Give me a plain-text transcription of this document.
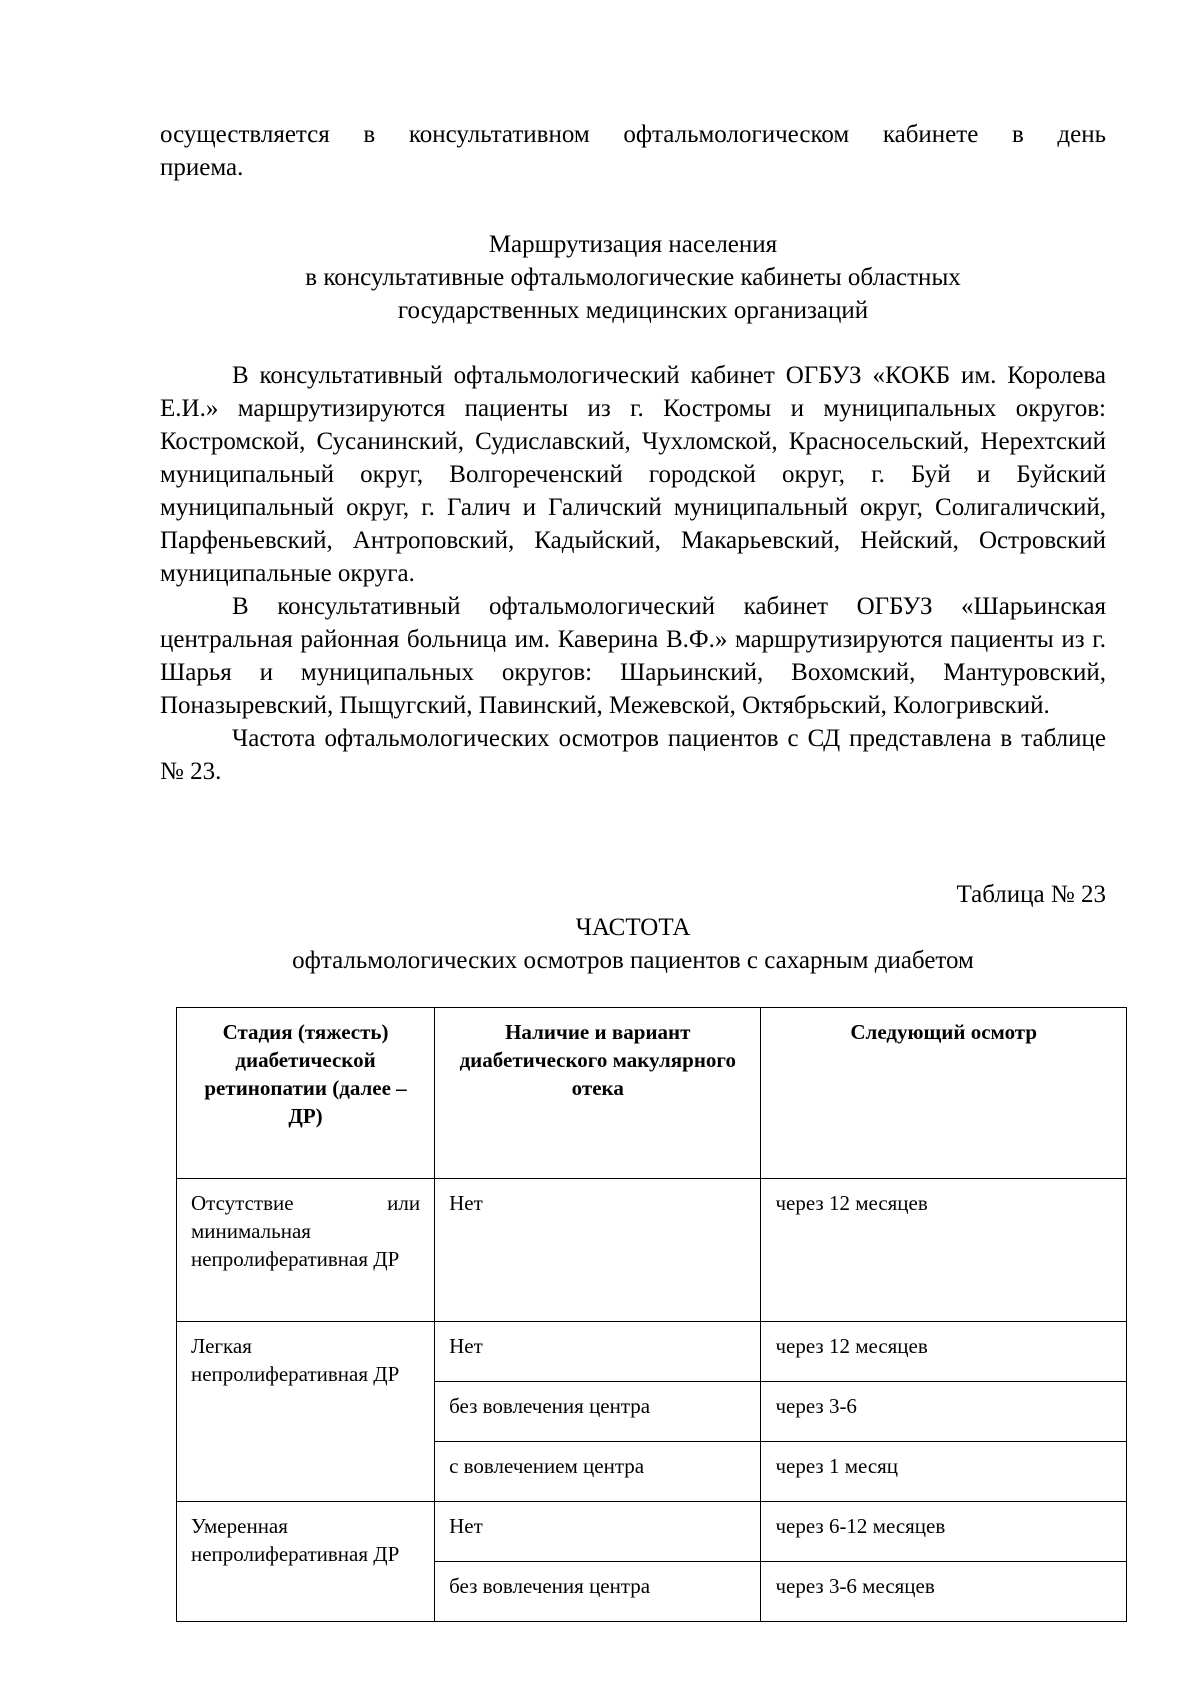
осуществляется в консультативном офтальмологическом кабинете в день

приема.

Маршрутизация населения

в консультативные офтальмологические кабинеты областных

государственных медицинских организаций

В консультативный офтальмологический кабинет ОГБУЗ «КОКБ им. Королева Е.И.» маршрутизируются пациенты из г. Костромы и муниципальных округов: Костромской, Сусанинский, Судиславский, Чухломской, Красносельский, Нерехтский муниципальный округ, Волгореченский городской округ, г. Буй и Буйский муниципальный округ, г. Галич и Галичский муниципальный округ, Солигаличский, Парфеньевский, Антроповский, Кадыйский, Макарьевский, Нейский, Островский муниципальные округа.

В консультативный офтальмологический кабинет ОГБУЗ «Шарьинская центральная районная больница им. Каверина В.Ф.» маршрутизируются пациенты из г. Шарья и муниципальных округов: Шарьинский, Вохомский, Мантуровский, Поназыревский, Пыщугский, Павинский, Межевской, Октябрьский, Кологривский.

Частота офтальмологических осмотров пациентов с СД представлена в таблице № 23.

Таблица № 23

ЧАСТОТА

офтальмологических осмотров пациентов с сахарным диабетом

Стадия (тяжесть) диабетической ретинопатии (далее –ДР)	Наличие и вариант диабетического макулярного отека	Следующий осмотр
Отсутствие или минимальная непролиферативная ДР	Нет	через 12 месяцев
Легкая непролиферативная ДР	Нет	через 12 месяцев
	без вовлечения центра	через 3-6
	с вовлечением центра	через 1 месяц
Умеренная непролиферативная ДР	Нет	через 6-12 месяцев
	без вовлечения центра	через 3-6 месяцев
